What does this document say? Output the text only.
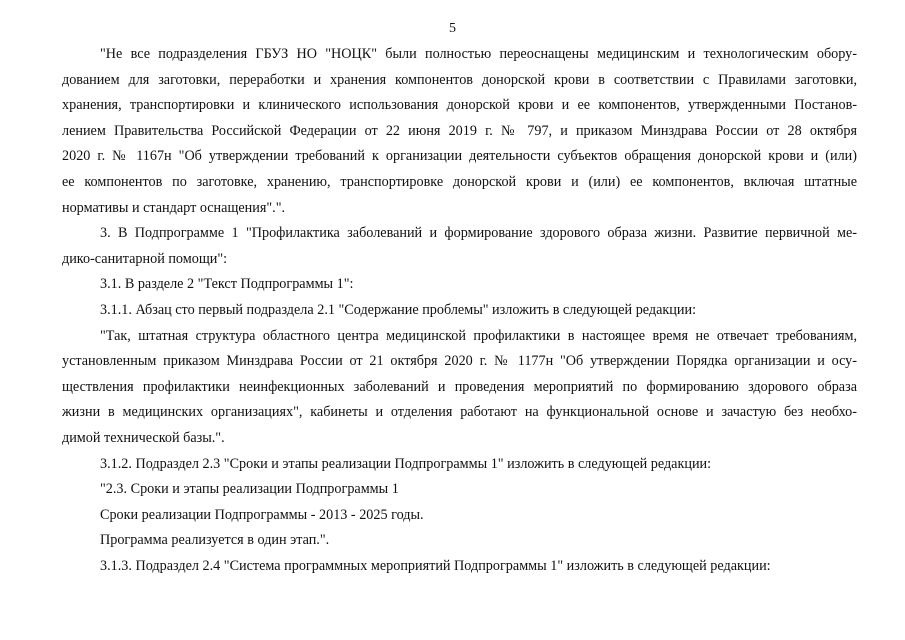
5
"Не все подразделения ГБУЗ НО "НОЦК" были полностью переоснащены медицинским и технологическим обору-
дованием для заготовки, переработки и хранения компонентов донорской крови в соответствии с Правилами заготовки,
хранения, транспортировки и клинического использования донорской крови и ее компонентов, утвержденными Постанов-
лением Правительства Российской Федерации от 22 июня 2019 г. № 797, и приказом Минздрава России от 28 октября
2020 г. № 1167н "Об утверждении требований к организации деятельности субъектов обращения донорской крови и (или)
ее компонентов по заготовке, хранению, транспортировке донорской крови и (или) ее компонентов, включая штатные
нормативы и стандарт оснащения".".
3. В Подпрограмме 1 "Профилактика заболеваний и формирование здорового образа жизни. Развитие первичной ме-
дико-санитарной помощи":
3.1. В разделе 2 "Текст Подпрограммы 1":
3.1.1. Абзац сто первый подраздела 2.1 "Содержание проблемы" изложить в следующей редакции:
"Так, штатная структура областного центра медицинской профилактики в настоящее время не отвечает требованиям,
установленным приказом Минздрава России от 21 октября 2020 г. № 1177н "Об утверждении Порядка организации и осу-
ществления профилактики неинфекционных заболеваний и проведения мероприятий по формированию здорового образа
жизни в медицинских организациях", кабинеты и отделения работают на функциональной основе и зачастую без необхо-
димой технической базы.".
3.1.2. Подраздел 2.3 "Сроки и этапы реализации Подпрограммы 1" изложить в следующей редакции:
"2.3. Сроки и этапы реализации Подпрограммы 1
Сроки реализации Подпрограммы - 2013 - 2025 годы.
Программа реализуется в один этап.".
3.1.3. Подраздел 2.4 "Система программных мероприятий Подпрограммы 1" изложить в следующей редакции:
